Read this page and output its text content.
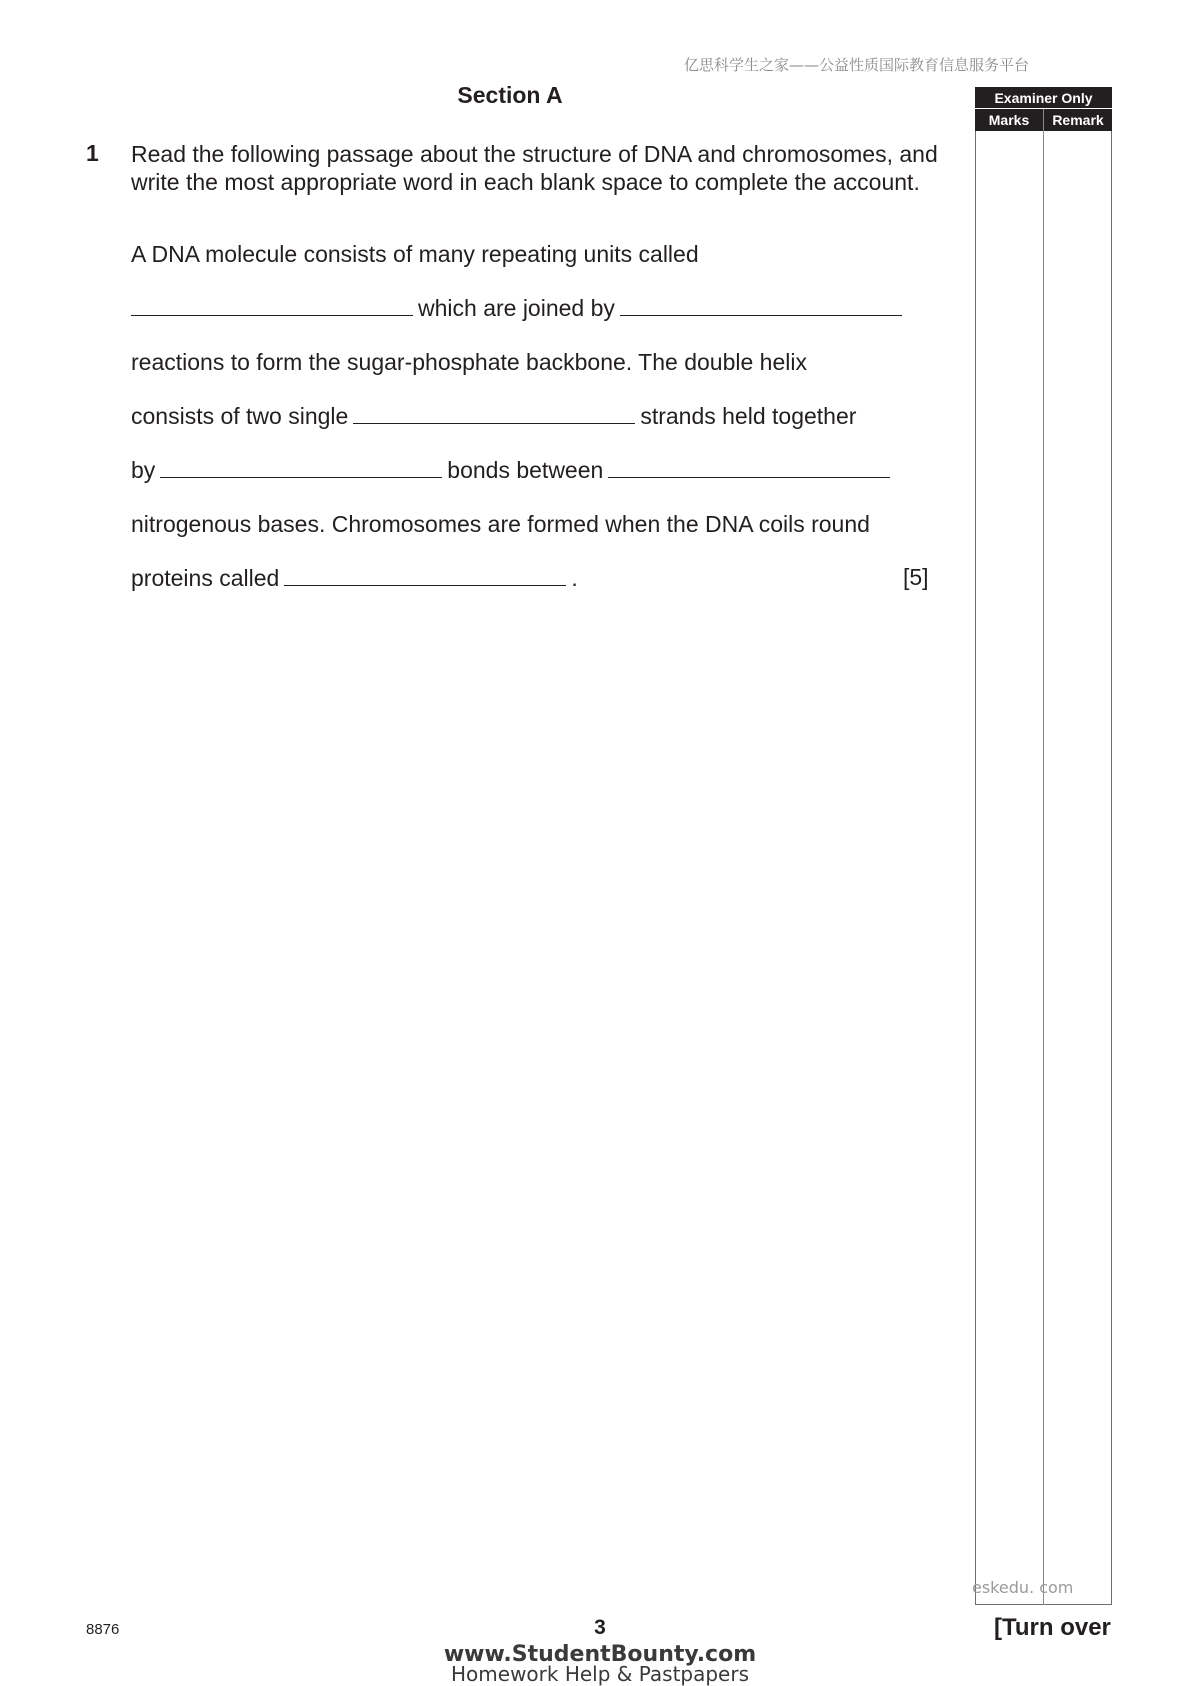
亿思科学生之家——公益性质国际教育信息服务平台
Section A
1 Read the following passage about the structure of DNA and chromosomes, and write the most appropriate word in each blank space to complete the account.
A DNA molecule consists of many repeating units called
which are joined by
reactions to form the sugar-phosphate backbone. The double helix
consists of two single	strands held together
by	bonds between
nitrogenous bases. Chromosomes are formed when the DNA coils round
proteins called	.	[5]
Examiner Only
Marks	Remark
eskedu. com
8876	3	[Turn over
www.StudentBounty.com
Homework Help & Pastpapers
